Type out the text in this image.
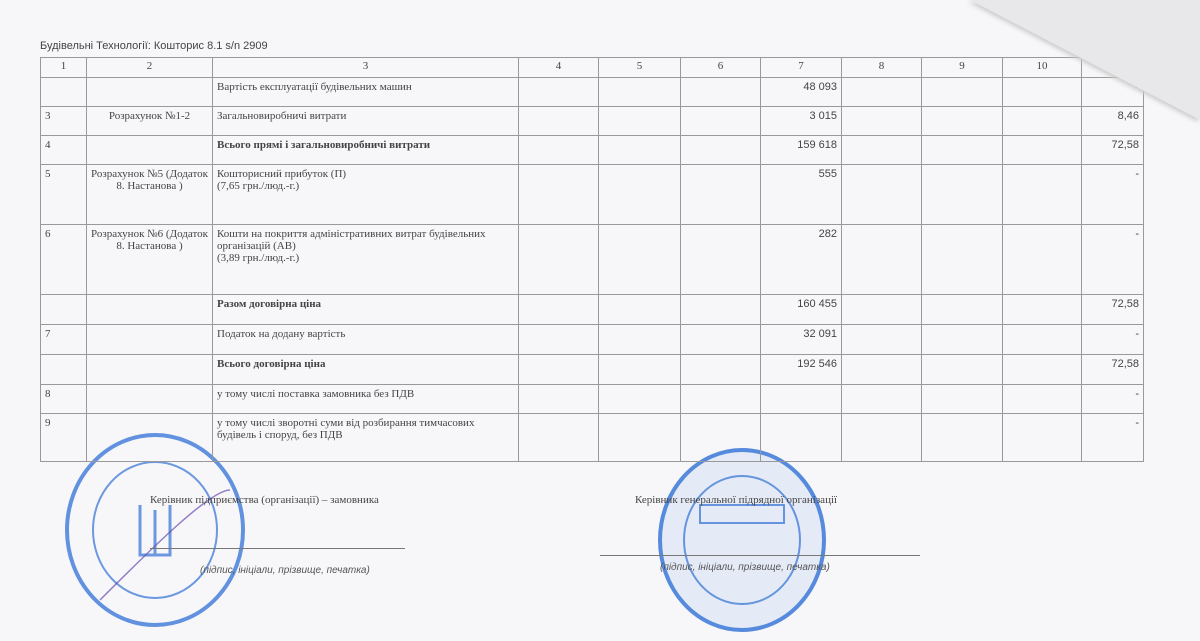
Будівельні Технології: Кошторис 8.1 s/n 2909
1	2	3	4	5	6	7	8	9	10	

		Вартість експлуатації будівельних машин				48 093				-
3	Розрахунок №1-2	Загальновиробничі витрати				3 015				8,46
4		Всього прямі і загальновиробничі витрати				159 618				72,58
5	Розрахунок №5 (Додаток 8. Настанова )	Кошторисний прибуток (П)
(7,65 грн./люд.-г.)				555				-
6	Розрахунок №6 (Додаток 8. Настанова )	Кошти на покриття адміністративних витрат будівельних організацій (АВ)
(3,89 грн./люд.-г.)				282				-

		Разом договірна ціна				160 455				72,58
7		Податок на додану вартість				32 091				-

		Всього договірна ціна				192 546				72,58
8		у тому числі поставка замовника без ПДВ								-
9		у тому числі зворотні суми від розбирання тимчасових будівель і споруд, без ПДВ								-
Керівник підприємства (організації) – замовника
(підпис, ініціали, прізвище, печатка)
Керівник генеральної підрядної організації
(підпис, ініціали, прізвище, печатка)
